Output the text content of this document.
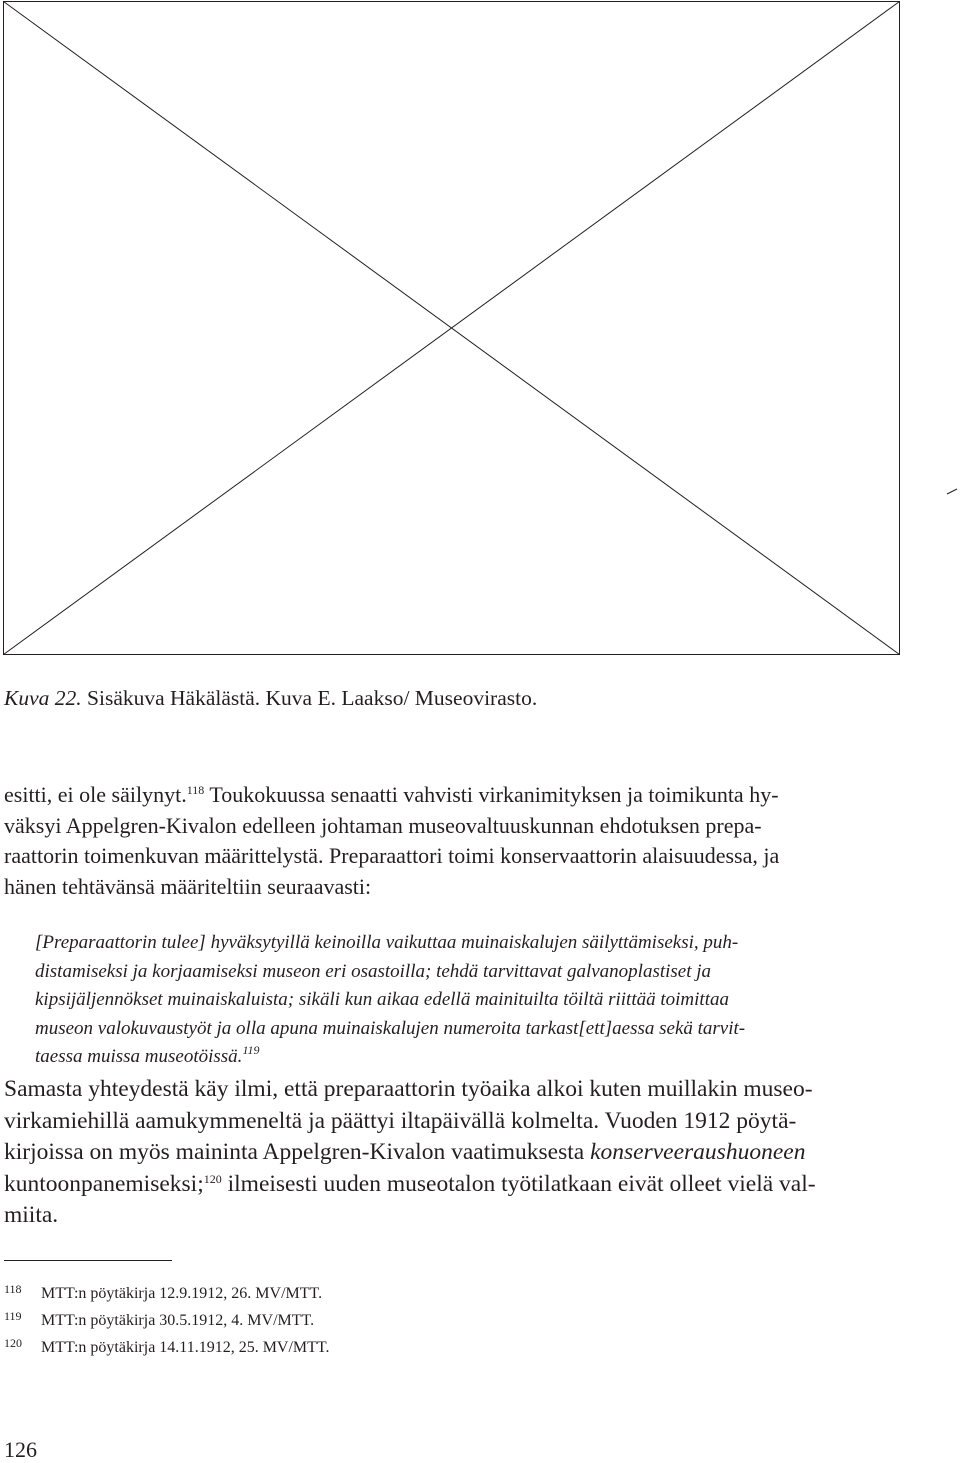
Kuva 22. Sisäkuva Häkälästä. Kuva E. Laakso/ Museovirasto.
esitti, ei ole säilynyt.$^{118}$ Toukokuussa senaatti vahvisti virkanimityksen ja toimikunta hy-
väksyi Appelgren-Kivalon edelleen johtaman museovaltuuskunnan ehdotuksen prepa-
raattorin toimenkuvan määrittelystä. Preparaattori toimi konservaattorin alaisuudessa, ja
hänen tehtävänsä määriteltiin seuraavasti:
[Preparaattorin tulee] hyväksytyillä keinoilla vaikuttaa muinaiskalujen säilyttämiseksi, puh-
distamiseksi ja korjaamiseksi museon eri osastoilla; tehdä tarvittavat galvanoplastiset ja
kipsijäljennökset muinaiskaluista; sikäli kun aikaa edellä mainituilta töiltä riittää toimittaa
museon valokuvaustyöt ja olla apuna muinaiskalujen numeroita tarkast[ett]aessa sekä tarvit-
taessa muissa museotöissä.$^{119}$
Samasta yhteydestä käy ilmi, että preparaattorin työaika alkoi kuten muillakin museo-
virkamiehillä aamukymmeneltä ja päättyi iltapäivällä kolmelta. Vuoden 1912 pöytä-
kirjoissa on myös maininta Appelgren-Kivalon vaatimuksesta konserveeraushuoneen
kuntoonpanemiseksi;$^{120}$ ilmeisesti uuden museotalon työtilatkaan eivät olleet vielä val-
miita.
118 MTT:n pöytäkirja 12.9.1912, 26. MV/MTT.
119 MTT:n pöytäkirja 30.5.1912, 4. MV/MTT.
120 MTT:n pöytäkirja 14.11.1912, 25. MV/MTT.
126
